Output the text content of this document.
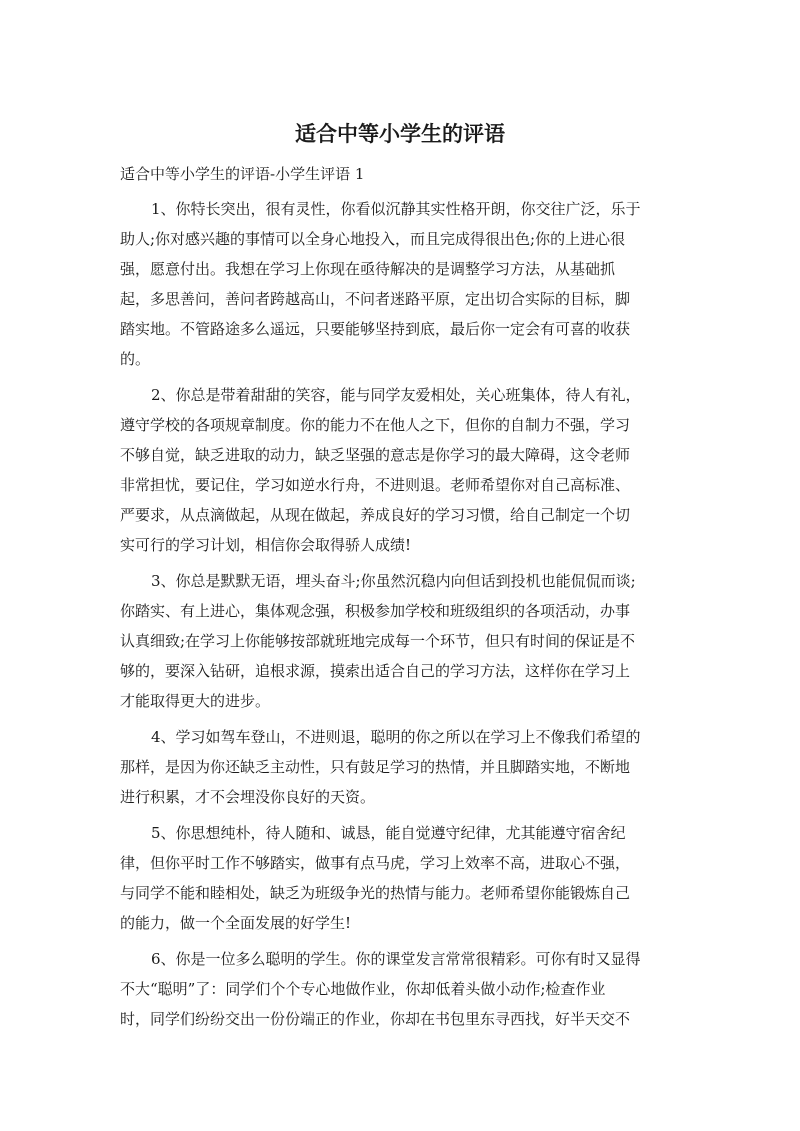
适合中等小学生的评语

适合中等小学生的评语-小学生评语 1

1、你特长突出，很有灵性，你看似沉静其实性格开朗，你交往广泛，乐于
助人;你对感兴趣的事情可以全身心地投入，而且完成得很出色;你的上进心很
强，愿意付出。我想在学习上你现在亟待解决的是调整学习方法，从基础抓
起，多思善问，善问者跨越高山，不问者迷路平原，定出切合实际的目标，脚
踏实地。不管路途多么遥远，只要能够坚持到底，最后你一定会有可喜的收获
的。

2、你总是带着甜甜的笑容，能与同学友爱相处，关心班集体，待人有礼，
遵守学校的各项规章制度。你的能力不在他人之下，但你的自制力不强，学习
不够自觉，缺乏进取的动力，缺乏坚强的意志是你学习的最大障碍，这令老师
非常担忧，要记住，学习如逆水行舟，不进则退。老师希望你对自己高标准、
严要求，从点滴做起，从现在做起，养成良好的学习习惯，给自己制定一个切
实可行的学习计划，相信你会取得骄人成绩!

3、你总是默默无语，埋头奋斗;你虽然沉稳内向但话到投机也能侃侃而谈;
你踏实、有上进心，集体观念强，积极参加学校和班级组织的各项活动，办事
认真细致;在学习上你能够按部就班地完成每一个环节，但只有时间的保证是不
够的，要深入钻研，追根求源，摸索出适合自己的学习方法，这样你在学习上
才能取得更大的进步。

4、学习如驾车登山，不进则退，聪明的你之所以在学习上不像我们希望的
那样，是因为你还缺乏主动性，只有鼓足学习的热情，并且脚踏实地，不断地
进行积累，才不会埋没你良好的天资。

5、你思想纯朴，待人随和、诚恳，能自觉遵守纪律，尤其能遵守宿舍纪
律，但你平时工作不够踏实，做事有点马虎，学习上效率不高，进取心不强，
与同学不能和睦相处，缺乏为班级争光的热情与能力。老师希望你能锻炼自己
的能力，做一个全面发展的好学生!

6、你是一位多么聪明的学生。你的课堂发言常常很精彩。可你有时又显得
不大“聪明”了：同学们个个专心地做作业，你却低着头做小动作;检查作业
时，同学们纷纷交出一份份端正的作业，你却在书包里东寻西找，好半天交不
